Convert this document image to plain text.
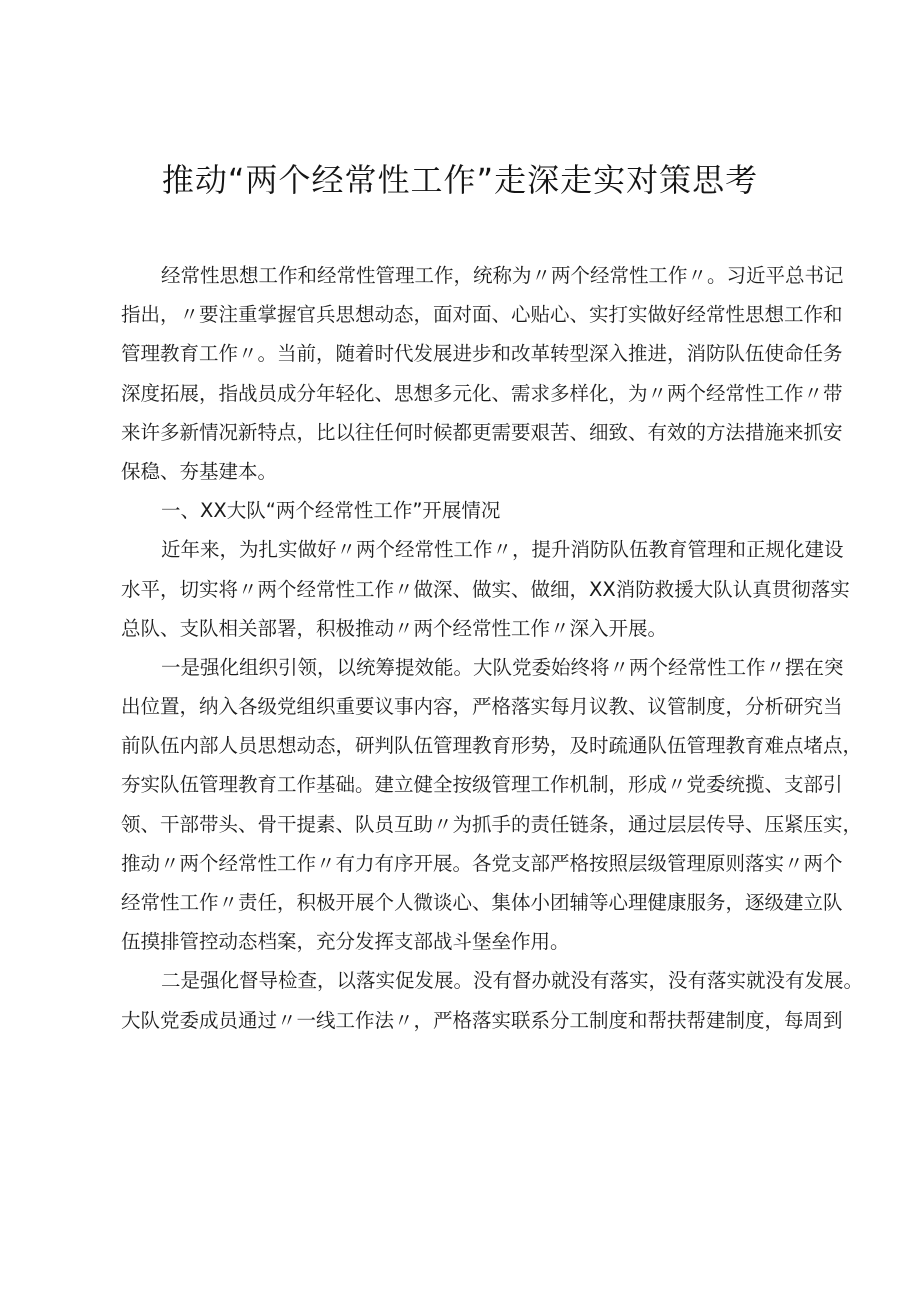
推动“两个经常性工作”走深走实对策思考
经常性思想工作和经常性管理工作，统称为〃两个经常性工作〃。习近平总书记
指出，〃要注重掌握官兵思想动态，面对面、心贴心、实打实做好经常性思想工作和
管理教育工作〃。当前，随着时代发展进步和改革转型深入推进，消防队伍使命任务
深度拓展，指战员成分年轻化、思想多元化、需求多样化，为〃两个经常性工作〃带
来许多新情况新特点，比以往任何时候都更需要艰苦、细致、有效的方法措施来抓安
保稳、夯基建本。
一、XX大队“两个经常性工作”开展情况
近年来，为扎实做好〃两个经常性工作〃，提升消防队伍教育管理和正规化建设
水平，切实将〃两个经常性工作〃做深、做实、做细，XX消防救援大队认真贯彻落实
总队、支队相关部署，积极推动〃两个经常性工作〃深入开展。
一是强化组织引领，以统筹提效能。大队党委始终将〃两个经常性工作〃摆在突
出位置，纳入各级党组织重要议事内容，严格落实每月议教、议管制度，分析研究当
前队伍内部人员思想动态，研判队伍管理教育形势，及时疏通队伍管理教育难点堵点，
夯实队伍管理教育工作基础。建立健全按级管理工作机制，形成〃党委统揽、支部引
领、干部带头、骨干提素、队员互助〃为抓手的责任链条，通过层层传导、压紧压实，
推动〃两个经常性工作〃有力有序开展。各党支部严格按照层级管理原则落实〃两个
经常性工作〃责任，积极开展个人微谈心、集体小团辅等心理健康服务，逐级建立队
伍摸排管控动态档案，充分发挥支部战斗堡垒作用。
二是强化督导检查，以落实促发展。没有督办就没有落实，没有落实就没有发展。
大队党委成员通过〃一线工作法〃，严格落实联系分工制度和帮扶帮建制度，每周到
